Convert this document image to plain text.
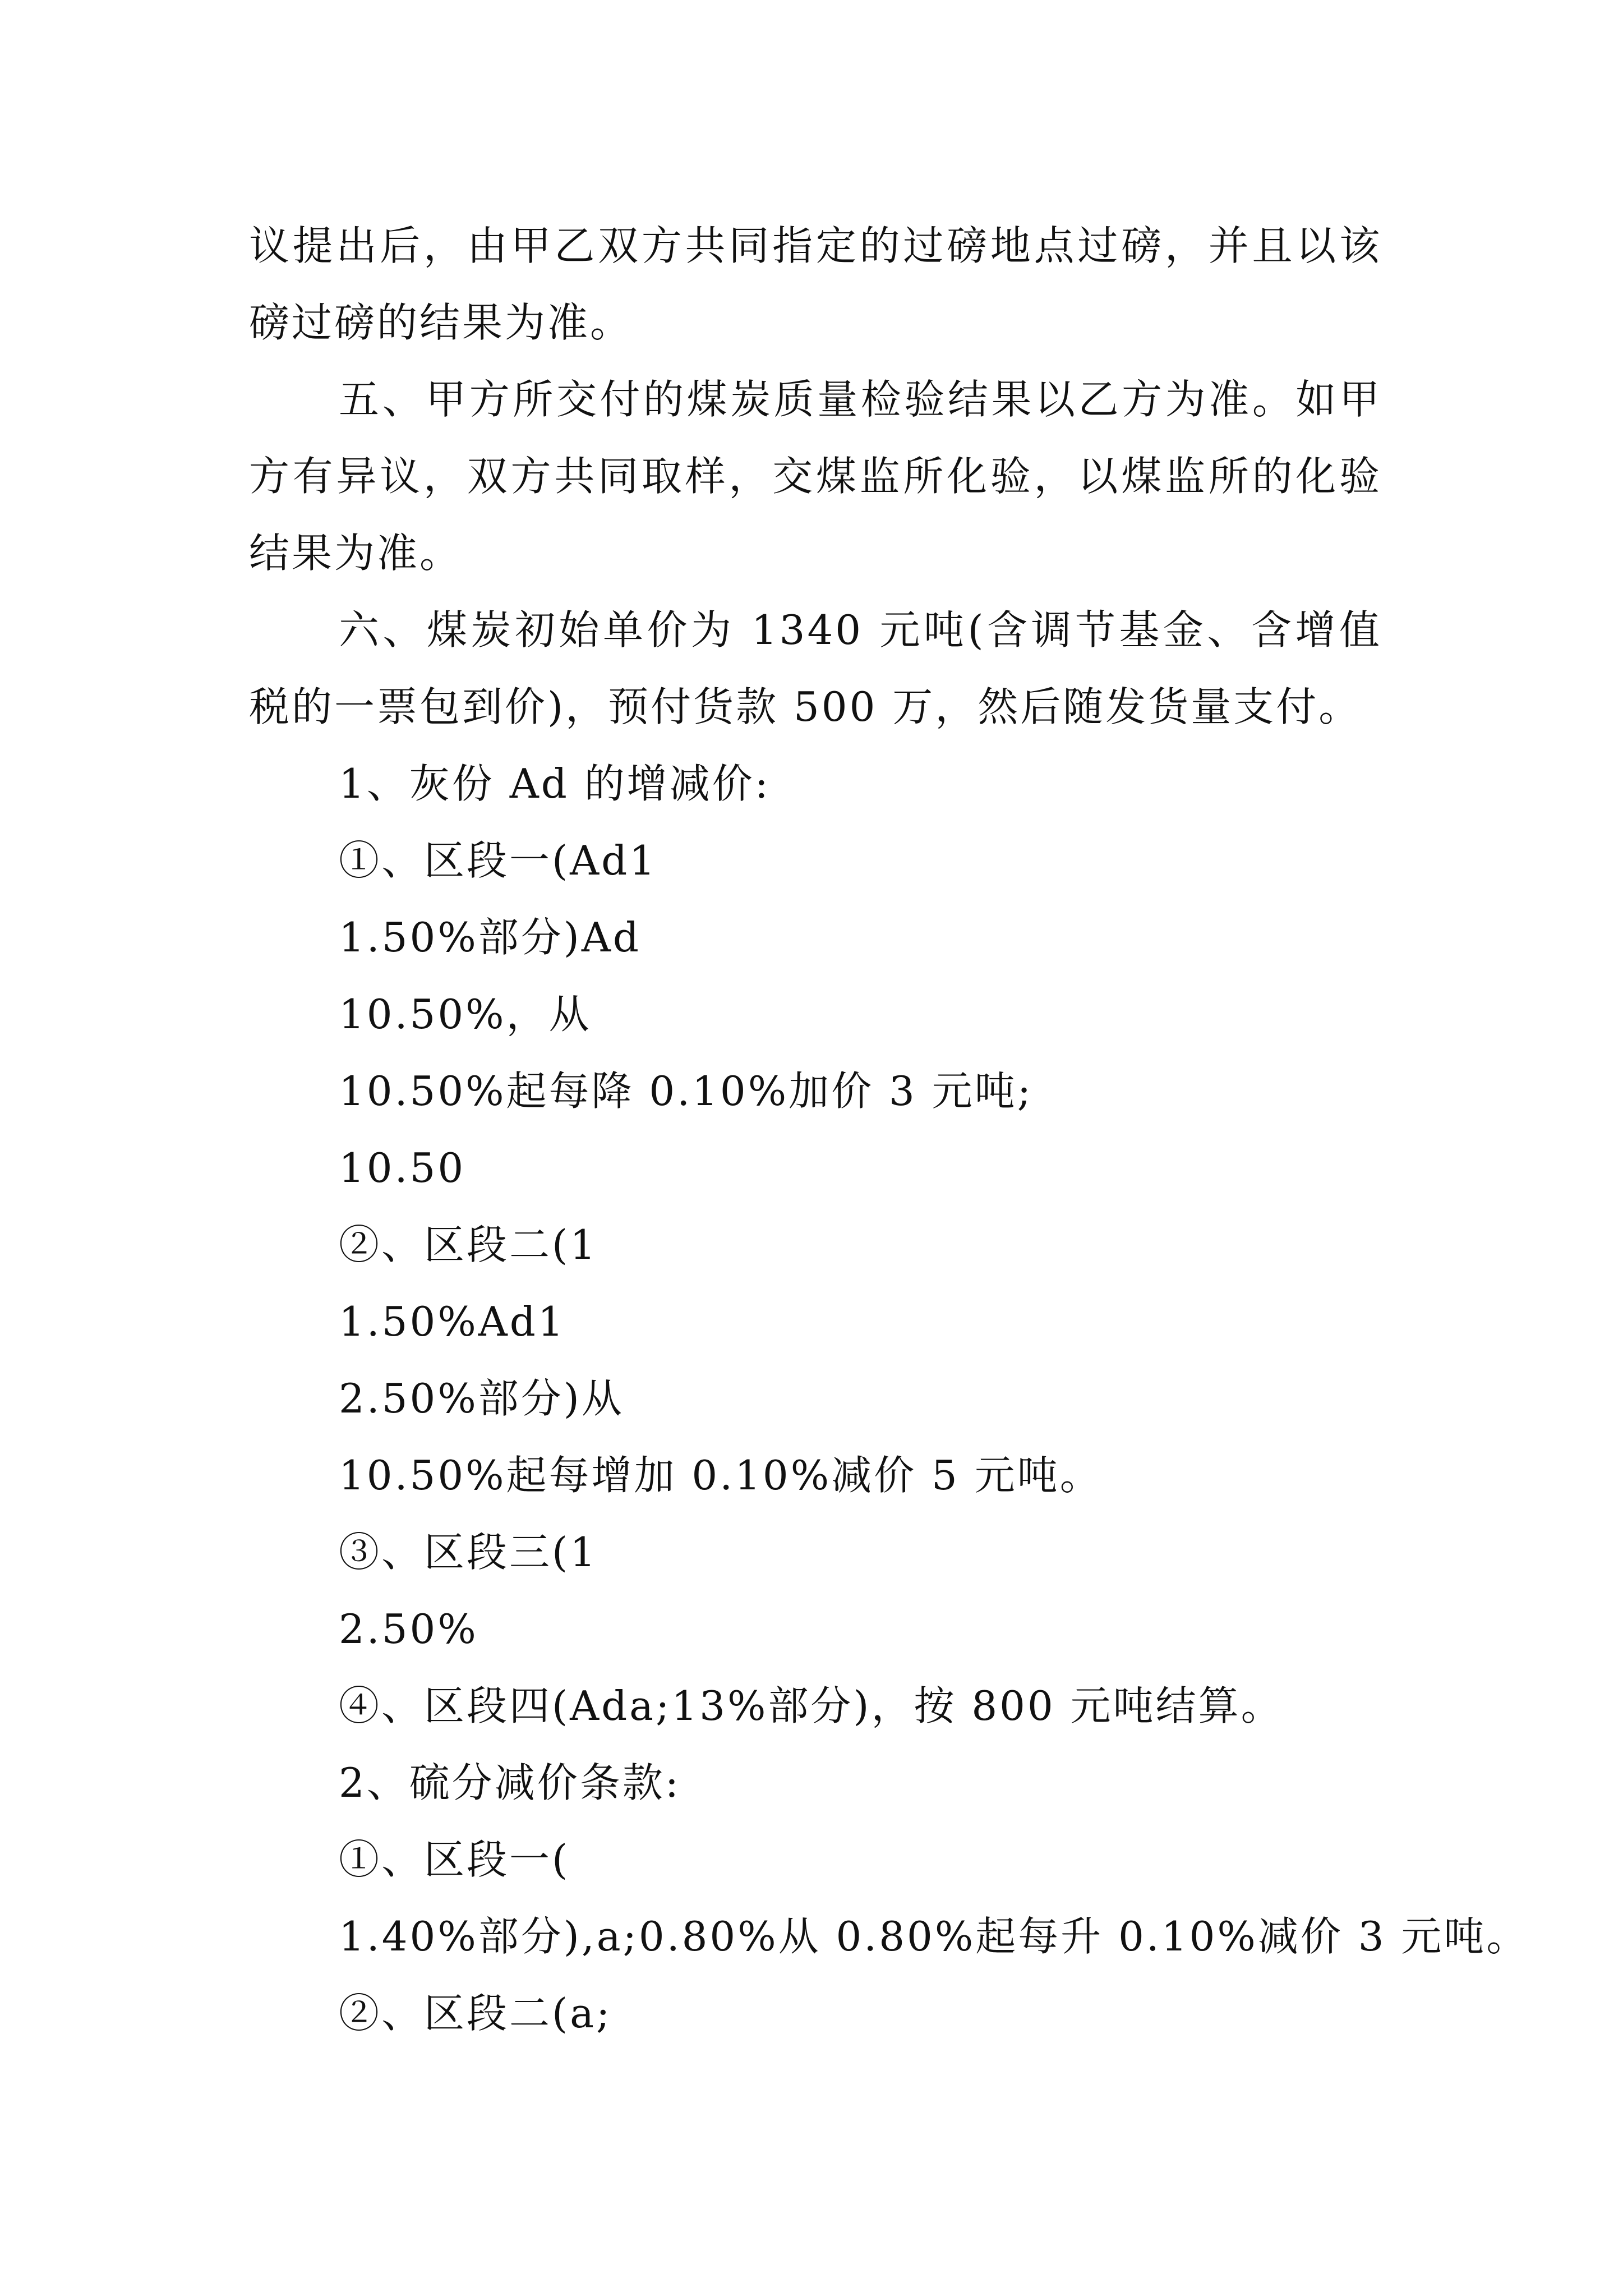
议提出后，由甲乙双方共同指定的过磅地点过磅，并且以该磅过磅的结果为准。

五、甲方所交付的煤炭质量检验结果以乙方为准。如甲方有异议，双方共同取样，交煤监所化验，以煤监所的化验结果为准。

六、煤炭初始单价为 1340 元吨(含调节基金、含增值税的一票包到价)，预付货款 500 万，然后随发货量支付。

1、灰份 Ad 的增减价:

①、区段一(Ad1

1.50%部分)Ad

10.50%，从

10.50%起每降 0.10%加价 3 元吨;

10.50

②、区段二(1

1.50%Ad1

2.50%部分)从

10.50%起每增加 0.10%减价 5 元吨。

③、区段三(1

2.50%

④、区段四(Ada;13%部分)，按 800 元吨结算。

2、硫分减价条款:

①、区段一(

1.40%部分),a;0.80%从 0.80%起每升 0.10%减价 3 元吨。

②、区段二(a;
